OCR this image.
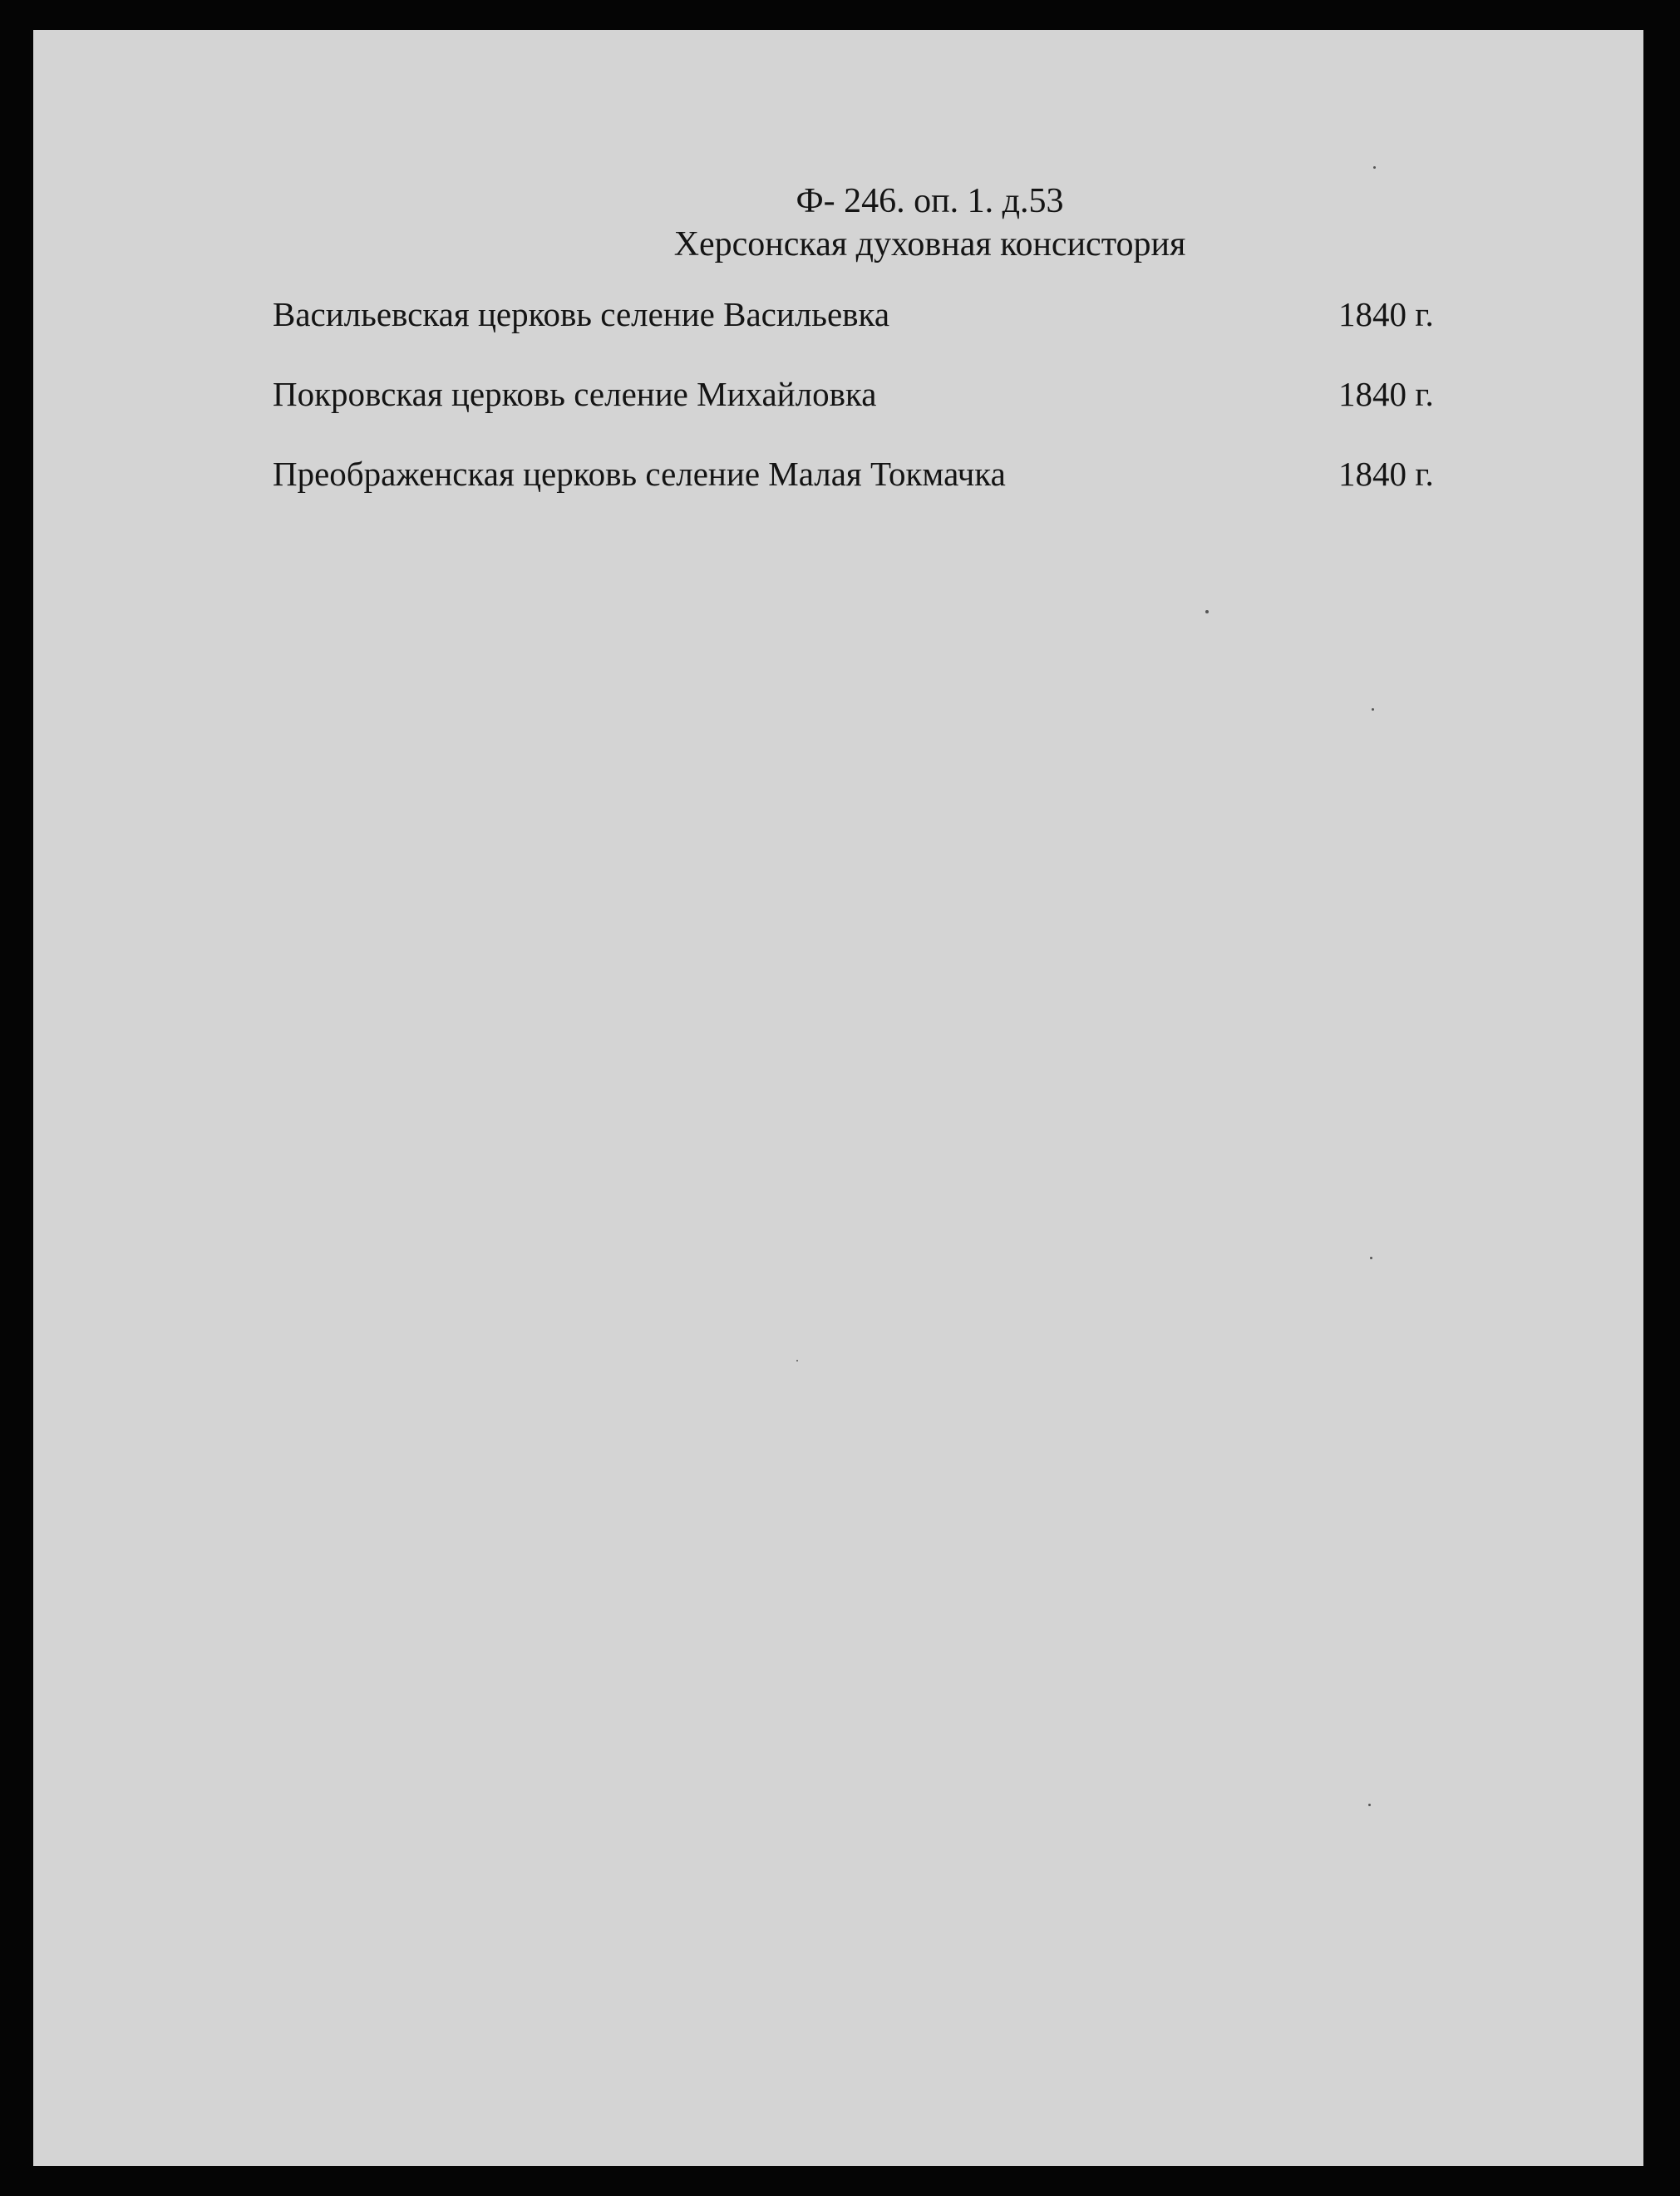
Ф- 246. оп. 1. д.53
Херсонская духовная консистория
Васильевская церковь селение Васильевка	1840 г.
Покровская церковь селение Михайловка	1840 г.
Преображенская церковь селение Малая Токмачка	1840 г.
